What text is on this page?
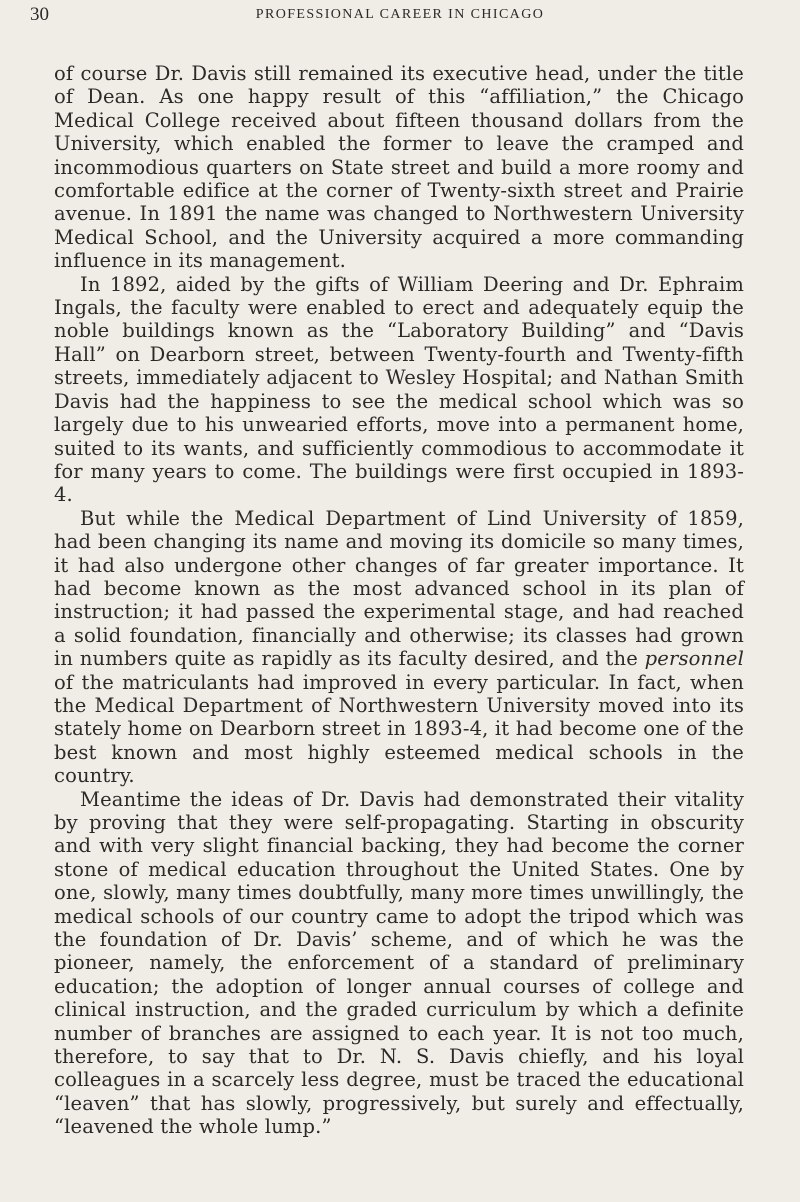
30	PROFESSIONAL CAREER IN CHICAGO

of course Dr. Davis still remained its executive head, under the title of Dean. As one happy result of this “affiliation,” the Chicago Medical College received about fifteen thousand dollars from the University, which enabled the former to leave the cramped and incommodious quarters on State street and build a more roomy and comfortable edifice at the corner of Twenty-sixth street and Prairie avenue. In 1891 the name was changed to Northwestern University Medical School, and the University acquired a more commanding influence in its management.

In 1892, aided by the gifts of William Deering and Dr. Ephraim Ingals, the faculty were enabled to erect and adequately equip the noble buildings known as the “Laboratory Building” and “Davis Hall” on Dearborn street, between Twenty-fourth and Twenty-fifth streets, immediately adjacent to Wesley Hospital; and Nathan Smith Davis had the happiness to see the medical school which was so largely due to his unwearied efforts, move into a permanent home, suited to its wants, and sufficiently commodious to accommodate it for many years to come. The buildings were first occupied in 1893-4.

But while the Medical Department of Lind University of 1859, had been changing its name and moving its domicile so many times, it had also undergone other changes of far greater importance. It had become known as the most advanced school in its plan of instruction; it had passed the experimental stage, and had reached a solid foundation, financially and otherwise; its classes had grown in numbers quite as rapidly as its faculty desired, and the personnel of the matriculants had improved in every particular. In fact, when the Medical Department of Northwestern University moved into its stately home on Dearborn street in 1893-4, it had become one of the best known and most highly esteemed medical schools in the country.

Meantime the ideas of Dr. Davis had demonstrated their vitality by proving that they were self-propagating. Starting in obscurity and with very slight financial backing, they had become the corner stone of medical education throughout the United States. One by one, slowly, many times doubtfully, many more times unwillingly, the medical schools of our country came to adopt the tripod which was the foundation of Dr. Davis’ scheme, and of which he was the pioneer, namely, the enforcement of a standard of preliminary education; the adoption of longer annual courses of college and clinical instruction, and the graded curriculum by which a definite number of branches are assigned to each year. It is not too much, therefore, to say that to Dr. N. S. Davis chiefly, and his loyal colleagues in a scarcely less degree, must be traced the educational “leaven” that has slowly, progressively, but surely and effectually, “leavened the whole lump.”
